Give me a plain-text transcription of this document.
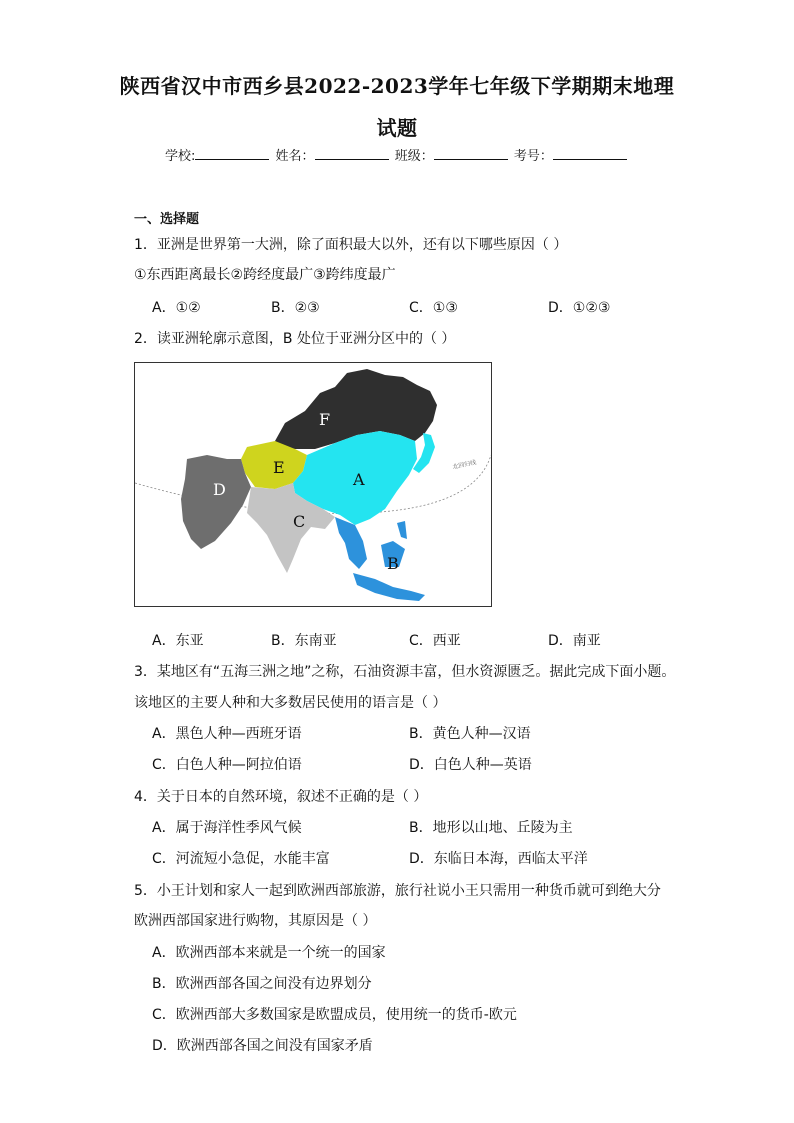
陕西省汉中市西乡县2022-2023学年七年级下学期期末地理
试题
学校:	姓名：	班级：	考号：
一、选择题
1．亚洲是世界第一大洲，除了面积最大以外，还有以下哪些原因（ ）
①东西距离最长②跨经度最广③跨纬度最广
A．①②	B．②③	C．①③	D．①②③
2．读亚洲轮廓示意图，B 处位于亚洲分区中的（ ）
F
E
A
D
C
B
北回归线
A．东亚	B．东南亚	C．西亚	D．南亚
3．某地区有“五海三洲之地”之称，石油资源丰富，但水资源匮乏。据此完成下面小题。
该地区的主要人种和大多数居民使用的语言是（ ）
A．黑色人种—西班牙语	B．黄色人种—汉语
C．白色人种—阿拉伯语	D．白色人种—英语
4．关于日本的自然环境，叙述不正确的是（ ）
A．属于海洋性季风气候	B．地形以山地、丘陵为主
C．河流短小急促，水能丰富	D．东临日本海，西临太平洋
5．小王计划和家人一起到欧洲西部旅游，旅行社说小王只需用一种货币就可到绝大分
欧洲西部国家进行购物，其原因是（ ）
A．欧洲西部本来就是一个统一的国家
B．欧洲西部各国之间没有边界划分
C．欧洲西部大多数国家是欧盟成员，使用统一的货币-欧元
D．欧洲西部各国之间没有国家矛盾
